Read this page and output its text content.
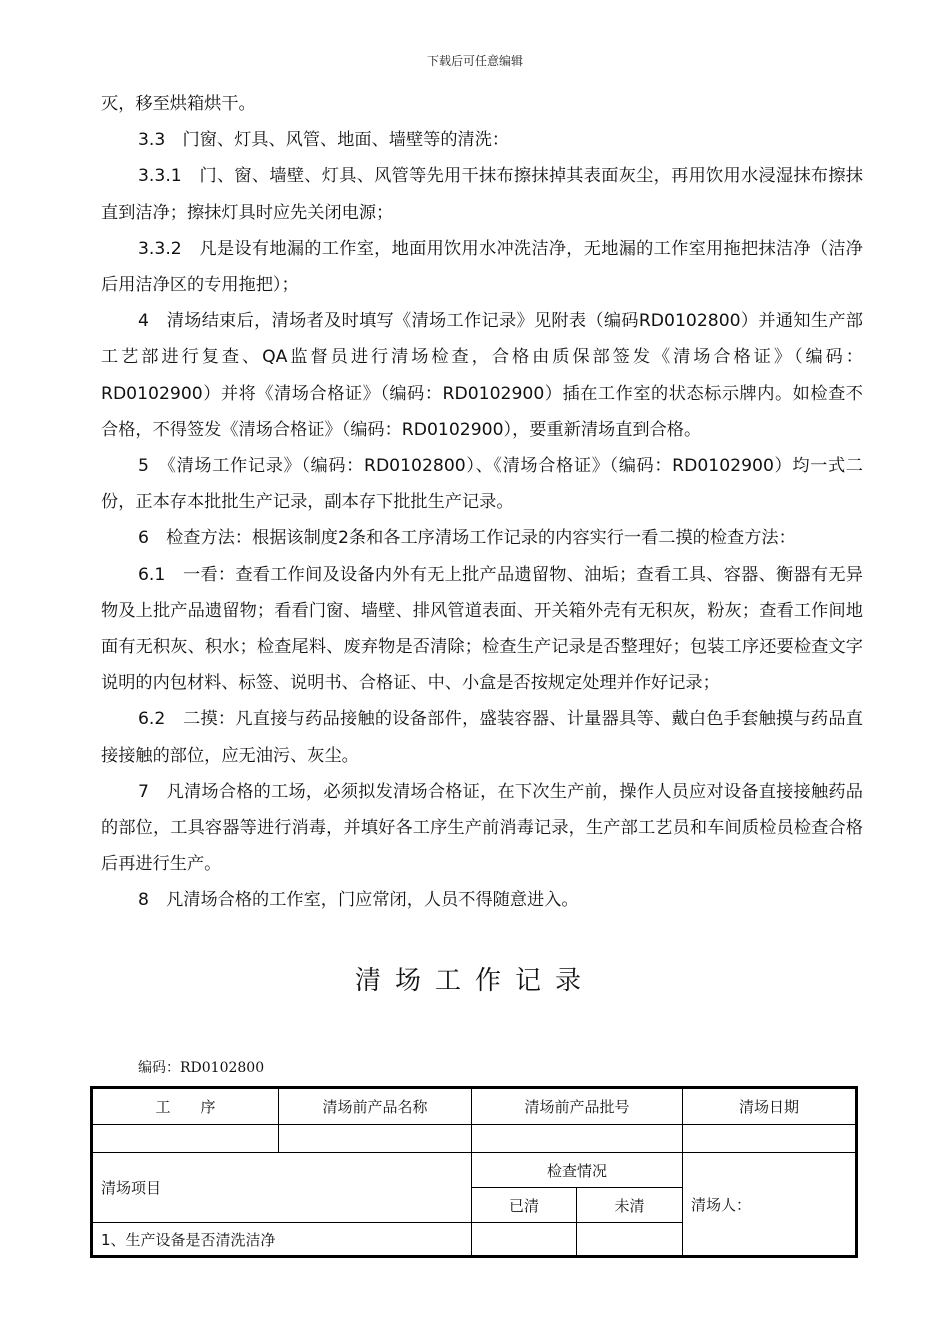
下载后可任意编辑

灭，移至烘箱烘干。

3.3　门窗、灯具、风管、地面、墙壁等的清洗：

3.3.1　门、窗、墙壁、灯具、风管等先用干抹布擦抹掉其表面灰尘，再用饮用水浸湿抹布擦抹直到洁净；擦抹灯具时应先关闭电源；

3.3.2　凡是设有地漏的工作室，地面用饮用水冲洗洁净，无地漏的工作室用拖把抹洁净（洁净后用洁净区的专用拖把）；

4　清场结束后，清场者及时填写《清场工作记录》见附表（编码RD0102800）并通知生产部工艺部进行复查、QA监督员进行清场检查，合格由质保部签发《清场合格证》（编码：RD0102900）并将《清场合格证》（编码：RD0102900）插在工作室的状态标示牌内。如检查不合格，不得签发《清场合格证》（编码：RD0102900），要重新清场直到合格。

5　《清场工作记录》（编码：RD0102800）、《清场合格证》（编码：RD0102900）均一式二份，正本存本批批生产记录，副本存下批批生产记录。

6　检查方法：根据该制度2条和各工序清场工作记录的内容实行一看二摸的检查方法：

6.1　一看：查看工作间及设备内外有无上批产品遗留物、油垢；查看工具、容器、衡器有无异物及上批产品遗留物；看看门窗、墙壁、排风管道表面、开关箱外壳有无积灰，粉灰；查看工作间地面有无积灰、积水；检查尾料、废弃物是否清除；检查生产记录是否整理好；包装工序还要检查文字说明的内包材料、标签、说明书、合格证、中、小盒是否按规定处理并作好记录；

6.2　二摸：凡直接与药品接触的设备部件，盛装容器、计量器具等、戴白色手套触摸与药品直接接触的部位，应无油污、灰尘。

7　凡清场合格的工场，必须拟发清场合格证，在下次生产前，操作人员应对设备直接接触药品的部位，工具容器等进行消毒，并填好各工序生产前消毒记录，生产部工艺员和车间质检员检查合格后再进行生产。

8　凡清场合格的工作室，门应常闭，人员不得随意进入。

清场工作记录
编码：RD0102800
工　　序	清场前产品名称	清场前产品批号		清场日期

清场项目		检查情况		清场人：
		已清	未清	
1、生产设备是否清洗洁净				
